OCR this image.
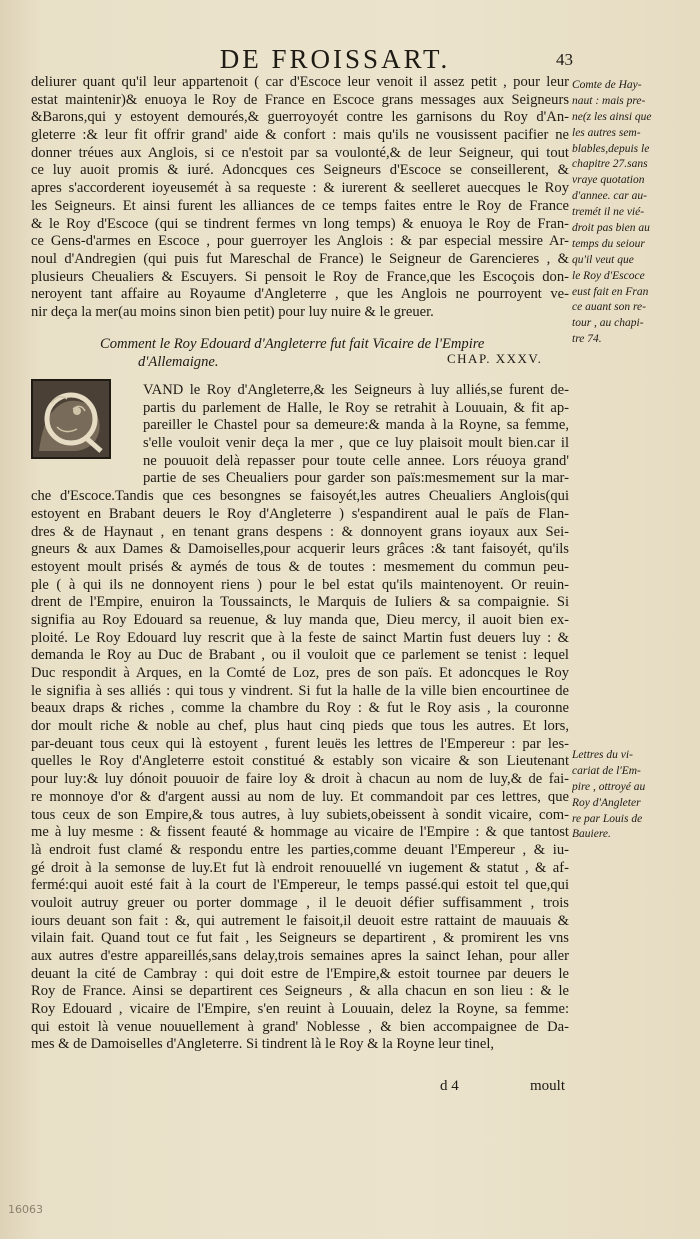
DE FROISSART.	43
deliurer quant qu'il leur appartenoit ( car d'Escoce leur venoit il assez petit , pour leur
estat maintenir)& enuoya le Roy de France en Escoce grans messages aux Seigneurs
&Barons,qui y estoyent demourés,& guerroyoyét contre les garnisons du Roy d'An-
gleterre :& leur fit offrir grand' aide & confort : mais qu'ils ne vousissent pacifier ne
donner tréues aux Anglois, si ce n'estoit par sa voulonté,& de leur Seigneur, qui tout
ce luy auoit promis & iuré. Adoncques ces Seigneurs d'Escoce se conseillerent, &
apres s'accorderent ioyeusemét à sa requeste : & iurerent & seelleret auecques le Roy
les Seigneurs. Et ainsi furent les alliances de ce temps faites entre le Roy de France
& le Roy d'Escoce (qui se tindrent fermes vn long temps) & enuoya le Roy de Fran-
ce Gens-d'armes en Escoce , pour guerroyer les Anglois : & par especial messire Ar-
noul d'Andregien (qui puis fut Mareschal de France) le Seigneur de Garencieres , &
plusieurs Cheualiers & Escuyers. Si pensoit le Roy de France,que les Escoçois don-
neroyent tant affaire au Royaume d'Angleterre , que les Anglois ne pourroyent ve-
nir deça la mer(au moins sinon bien petit) pour luy nuire & le greuer.
Comte de Hay-
naut : mais pre-
ne(z les ainsi que
les autres sem-
blables,depuis le
chapitre 27.sans
vraye quotation
d'annee. car au-
tremét il ne vié-
droit pas bien au
temps du seiour
qu'il veut que
le Roy d'Escoce
eust fait en Fran
ce auant son re-
tour , au chapi-
tre 74.
Comment le Roy Edouard d'Angleterre fut fait Vicaire de l'Empire
d'Allemaigne.	CHAP. XXXV.
VAND le Roy d'Angleterre,& les Seigneurs à luy alliés,se furent de-
partis du parlement de Halle, le Roy se retrahit à Louuain, & fit ap-
pareiller le Chastel pour sa demeure:& manda à la Royne, sa femme,
s'elle vouloit venir deça la mer , que ce luy plaisoit moult bien.car il
ne pouuoit delà repasser pour toute celle annee. Lors réuoya grand'
partie de ses Cheualiers pour garder son païs:mesmement sur la mar-
che d'Escoce.Tandis que ces besongnes se faisoyét,les autres Cheualiers Anglois(qui
estoyent en Brabant deuers le Roy d'Angleterre ) s'espandirent aual le païs de Flan-
dres & de Haynaut , en tenant grans despens : & donnoyent grans ioyaux aux Sei-
gneurs & aux Dames & Damoiselles,pour acquerir leurs grâces :& tant faisoyét, qu'ils
estoyent moult prisés & aymés de tous & de toutes : mesmement du commun peu-
ple ( à qui ils ne donnoyent riens ) pour le bel estat qu'ils maintenoyent. Or reuin-
drent de l'Empire, enuiron la Toussaincts, le Marquis de Iuliers & sa compaignie. Si
signifia au Roy Edouard sa reuenue, & luy manda que, Dieu mercy, il auoit bien ex-
ploité. Le Roy Edouard luy rescrit que à la feste de sainct Martin fust deuers luy : &
demanda le Roy au Duc de Brabant , ou il vouloit que ce parlement se tenist : lequel
Duc respondit à Arques, en la Comté de Loz, pres de son païs. Et adoncques le Roy
le signifia à ses alliés : qui tous y vindrent. Si fut la halle de la ville bien encourtinee de
beaux draps & riches , comme la chambre du Roy : & fut le Roy asis , la couronne
dor moult riche & noble au chef, plus haut cinq pieds que tous les autres. Et lors,
par-deuant tous ceux qui là estoyent , furent leuës les lettres de l'Empereur : par les-
quelles le Roy d'Angleterre estoit constitué & estably son vicaire & son Lieutenant
pour luy:& luy dónoit pouuoir de faire loy & droit à chacun au nom de luy,& de fai-
re monnoye d'or & d'argent aussi au nom de luy. Et commandoit par ces lettres, que
tous ceux de son Empire,& tous autres, à luy subiets,obeissent à sondit vicaire, com-
me à luy mesme : & fissent feauté & hommage au vicaire de l'Empire : & que tantost
là endroit fust clamé & respondu entre les parties,comme deuant l'Empereur , & iu-
gé droit à la semonse de luy.Et fut là endroit renouuellé vn iugement & statut , & af-
fermé:qui auoit esté fait à la court de l'Empereur, le temps passé.qui estoit tel que,qui
vouloit autruy greuer ou porter dommage , il le deuoit défier suffisamment , trois
iours deuant son fait : &, qui autrement le faisoit,il deuoit estre rattaint de mauuais &
vilain fait. Quand tout ce fut fait , les Seigneurs se departirent , & promirent les vns
aux autres d'estre appareillés,sans delay,trois semaines apres la sainct Iehan, pour aller
deuant la cité de Cambray : qui doit estre de l'Empire,& estoit tournee par deuers le
Roy de France. Ainsi se departirent ces Seigneurs , & alla chacun en son lieu : & le
Roy Edouard , vicaire de l'Empire, s'en reuint à Louuain, delez la Royne, sa femme:
qui estoit là venue nouuellement à grand' Noblesse , & bien accompaignee de Da-
mes & de Damoiselles d'Angleterre. Si tindrent là le Roy & la Royne leur tinel,
Lettres du vi-
cariat de l'Em-
pire , ottroyé au
Roy d'Angleter
re par Louis de
Bauiere.
d 4	moult
16063
